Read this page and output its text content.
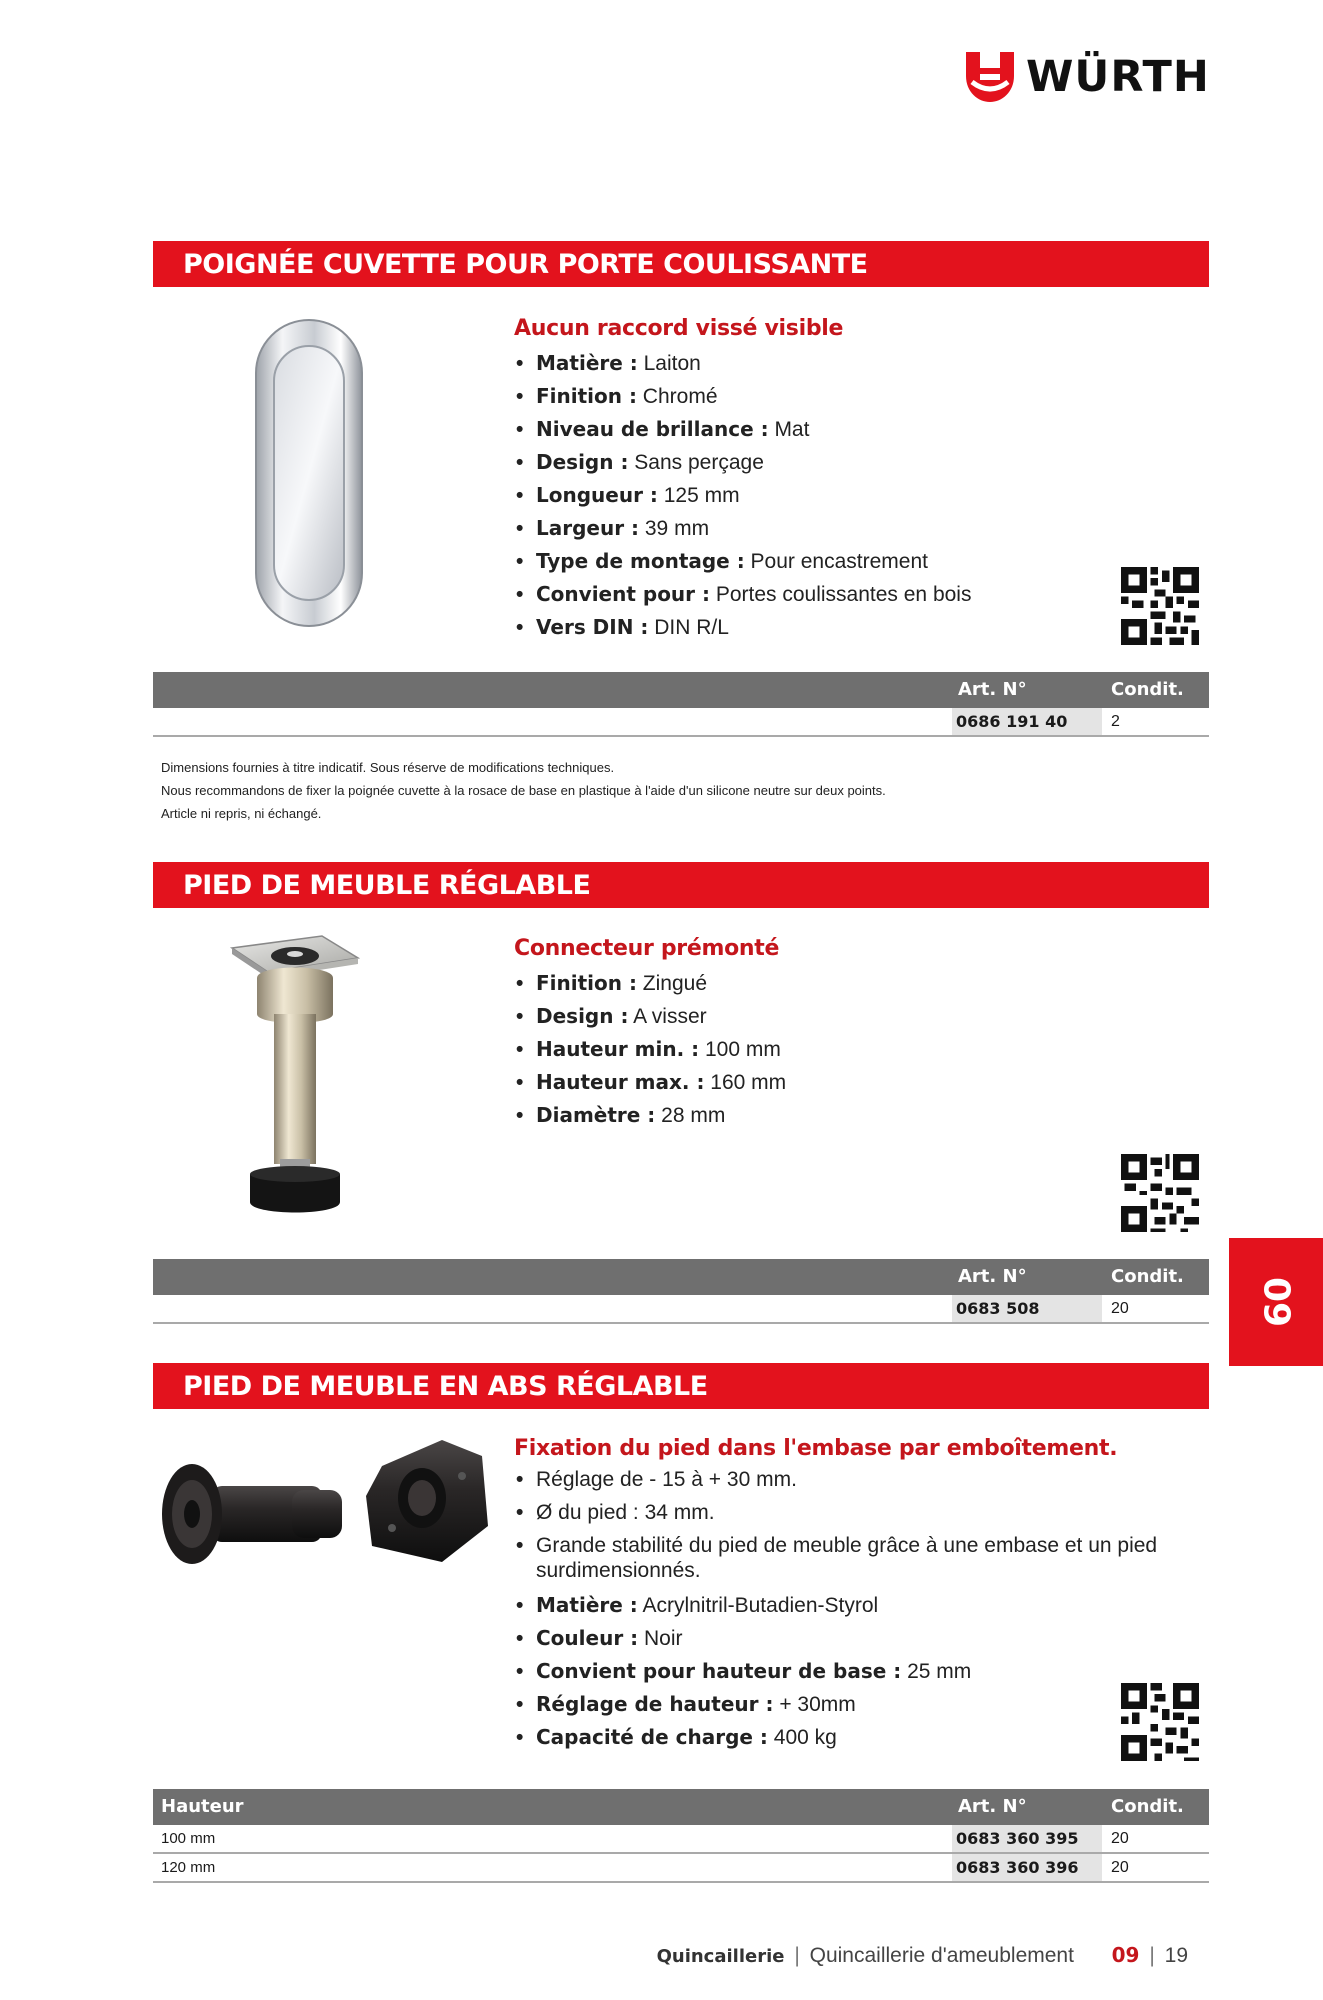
WÜRTH
POIGNÉE CUVETTE POUR PORTE COULISSANTE
Aucun raccord vissé visible
• Matière : Laiton
• Finition : Chromé
• Niveau de brillance : Mat
• Design : Sans perçage
• Longueur : 125 mm
• Largeur : 39 mm
• Type de montage : Pour encastrement
• Convient pour : Portes coulissantes en bois
• Vers DIN : DIN R/L
Art. N°	Condit.
0686 191 40	2
Dimensions fournies à titre indicatif. Sous réserve de modifications techniques.
Nous recommandons de fixer la poignée cuvette à la rosace de base en plastique à l'aide d'un silicone neutre sur deux points.
Article ni repris, ni échangé.
PIED DE MEUBLE RÉGLABLE
Connecteur prémonté
• Finition : Zingué
• Design : A visser
• Hauteur min. : 100 mm
• Hauteur max. : 160 mm
• Diamètre : 28 mm
Art. N°	Condit.
0683 508	20
PIED DE MEUBLE EN ABS RÉGLABLE
Fixation du pied dans l'embase par emboîtement.
• Réglage de - 15 à + 30 mm.
• Ø du pied : 34 mm.
• Grande stabilité du pied de meuble grâce à une embase et un pied surdimensionnés.
• Matière : Acrylnitril-Butadien-Styrol
• Couleur : Noir
• Convient pour hauteur de base : 25 mm
• Réglage de hauteur : + 30mm
• Capacité de charge : 400 kg
Hauteur	Art. N°	Condit.
100 mm	0683 360 395	20
120 mm	0683 360 396	20
09
Quincaillerie | Quincaillerie d'ameublement 09 | 19
